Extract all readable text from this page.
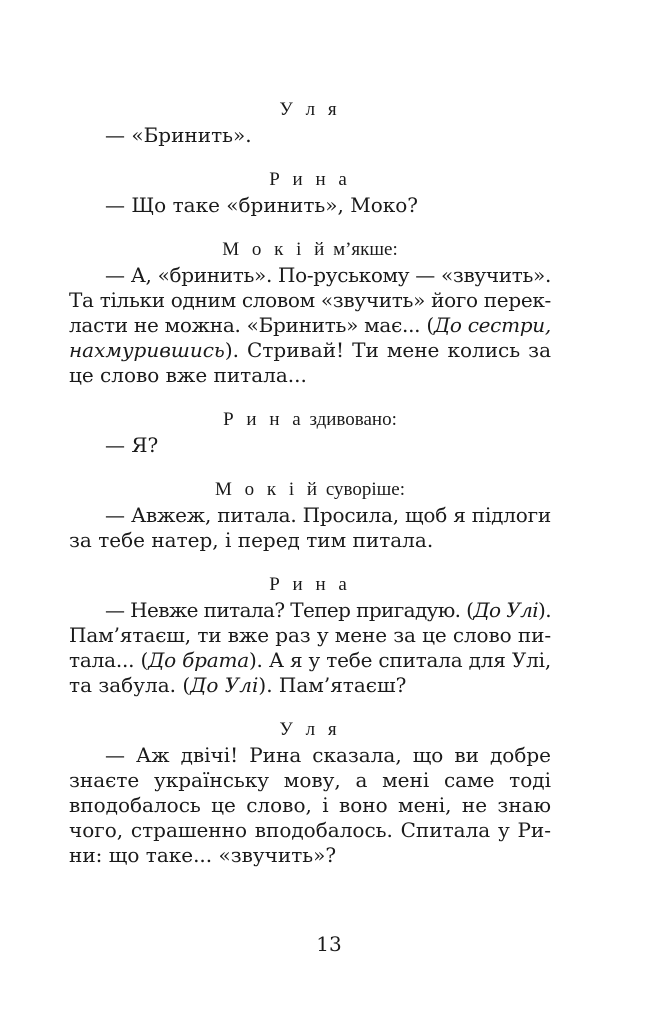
У л я
— «Бринить».
Р и н а
— Що таке «бринить», Моко?
М о к і й м’якше:
— А, «бринить». По-руському — «звучить».
Та тільки одним словом «звучить» його перек-
ласти не можна. «Бринить» має... (До сестри,
нахмурившись). Стривай! Ти мене колись за
це слово вже питала...
Р и н а здивовано:
— Я?
М о к і й суворіше:
— Авжеж, питала. Просила, щоб я підлоги
за тебе натер, і перед тим питала.
Р и н а
— Невже питала? Тепер пригадую. (До Улі).
Пам’ятаєш, ти вже раз у мене за це слово пи-
тала... (До брата). А я у тебе спитала для Улі,
та забула. (До Улі). Пам’ятаєш?
У л я
— Аж двічі! Рина сказала, що ви добре
знаєте українську мову, а мені саме тоді
вподобалось це слово, і воно мені, не знаю
чого, страшенно вподобалось. Спитала у Ри-
ни: що таке... «звучить»?
13
